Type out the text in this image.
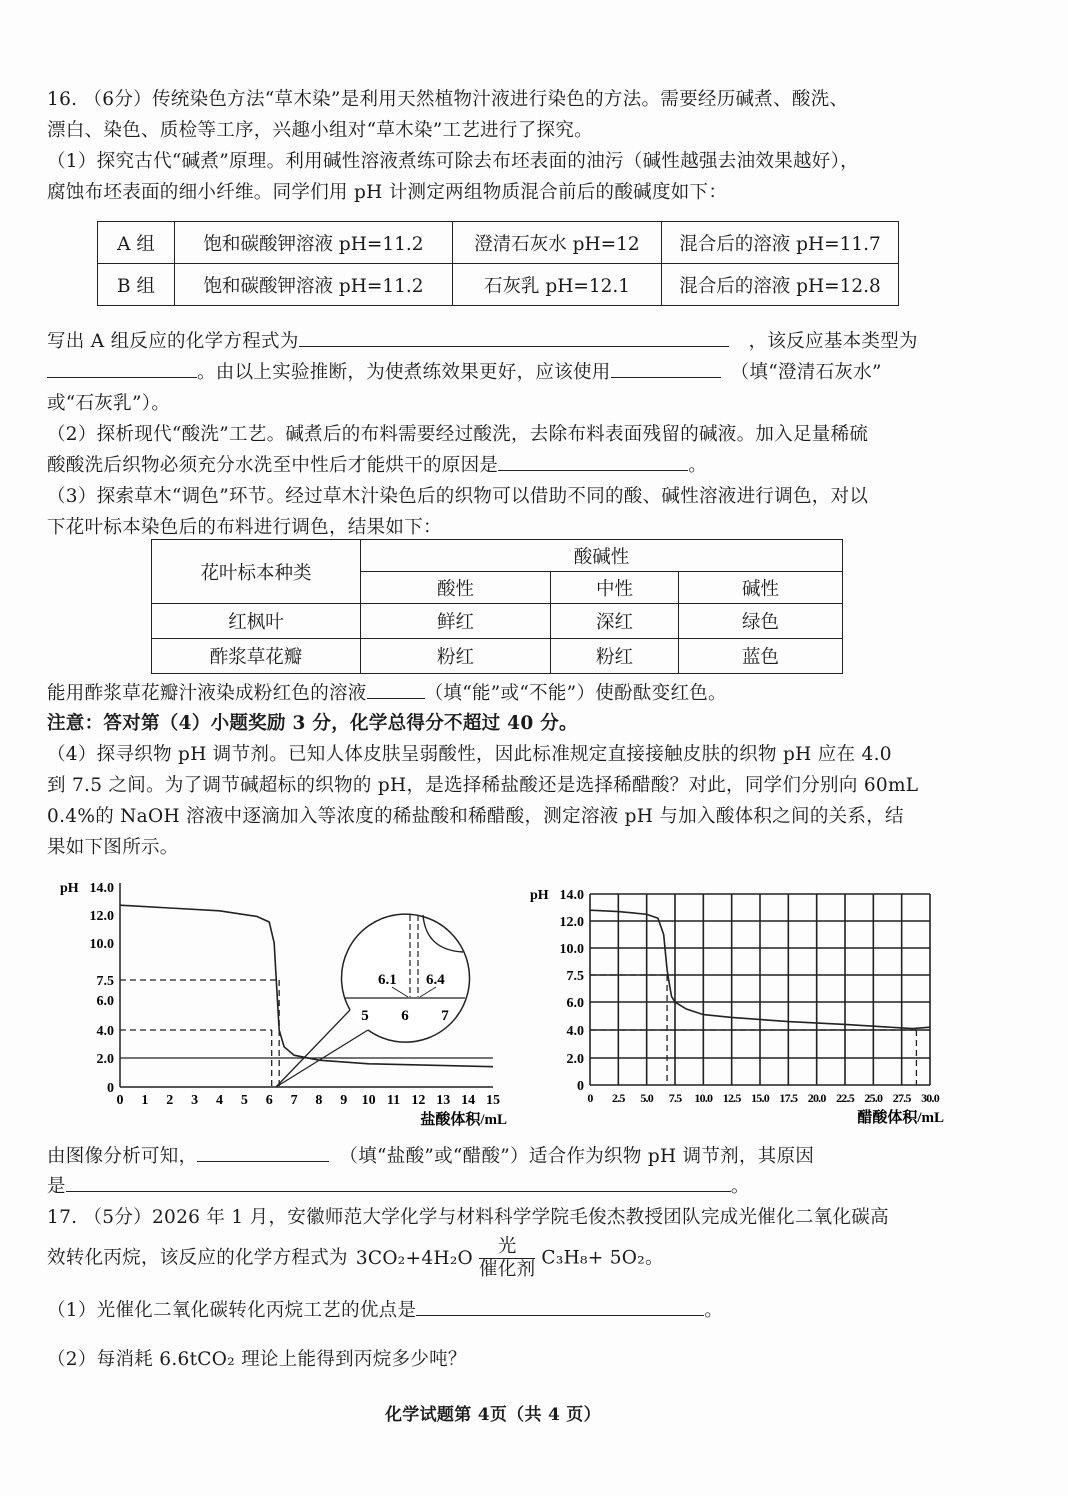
16. （6分）传统染色方法“草木染”是利用天然植物汁液进行染色的方法。需要经历碱煮、酸洗、
漂白、染色、质检等工序，兴趣小组对“草木染”工艺进行了探究。
（1）探究古代“碱煮”原理。利用碱性溶液煮练可除去布坯表面的油污（碱性越强去油效果越好），
腐蚀布坯表面的细小纤维。同学们用 pH 计测定两组物质混合前后的酸碱度如下：
A 组	饱和碳酸钾溶液 pH=11.2	澄清石灰水 pH=12	混合后的溶液 pH=11.7
B 组	饱和碳酸钾溶液 pH=11.2	石灰乳 pH=12.1	混合后的溶液 pH=12.8
写出 A 组反应的化学方程式为	，该反应基本类型为
。由以上实验推断，为使煮练效果更好，应该使用	（填“澄清石灰水”
或“石灰乳”）。
（2）探析现代“酸洗”工艺。碱煮后的布料需要经过酸洗，去除布料表面残留的碱液。加入足量稀硫
酸酸洗后织物必须充分水洗至中性后才能烘干的原因是	。
（3）探索草木“调色”环节。经过草木汁染色后的织物可以借助不同的酸、碱性溶液进行调色，对以
下花叶标本染色后的布料进行调色，结果如下：
花叶标本种类	酸碱性		
	酸性	中性	碱性
红枫叶	鲜红	深红	绿色
酢浆草花瓣	粉红	粉红	蓝色
能用酢浆草花瓣汁液染成粉红色的溶液	（填“能”或“不能”）使酚酞变红色。
注意：答对第（4）小题奖励 3 分，化学总得分不超过 40 分。
（4）探寻织物 pH 调节剂。已知人体皮肤呈弱酸性，因此标准规定直接接触皮肤的织物 pH 应在 4.0
到 7.5 之间。为了调节碱超标的织物的 pH，是选择稀盐酸还是选择稀醋酸？对此，同学们分别向 60mL
0.4%的 NaOH 溶液中逐滴加入等浓度的稀盐酸和稀醋酸，测定溶液 pH 与加入酸体积之间的关系，结
果如下图所示。
0
2.0
4.0
6.0
7.5
10.0
12.0
14.0
pH
盐酸体积/mL
6.1 6.4
5 6 7
0 1 2 3 4 5 6 7 8 9 10 11 12 13 14 15
0
2.0
4.0
6.0
7.5
10.0
12.0
14.0
pH
醋酸体积/mL
0 2.5 5.0 7.5 10.0 12.5 15.0 17.5 20.0 22.5 25.0 27.5 30.0
由图像分析可知，	（填“盐酸”或“醋酸”）适合作为织物 pH 调节剂，其原因
是	。
17. （5分）2026 年 1 月，安徽师范大学化学与材料科学学院毛俊杰教授团队完成光催化二氧化碳高
效转化丙烷，该反应的化学方程式为 $3CO_2+4H_2O \frac{\text{光}}{\text{催化剂}} C_3H_8+ 5O_2$。
（1）光催化二氧化碳转化丙烷工艺的优点是	。
（2）每消耗 6.6tCO₂ 理论上能得到丙烷多少吨？
化学试题第 4页（共 4 页）
